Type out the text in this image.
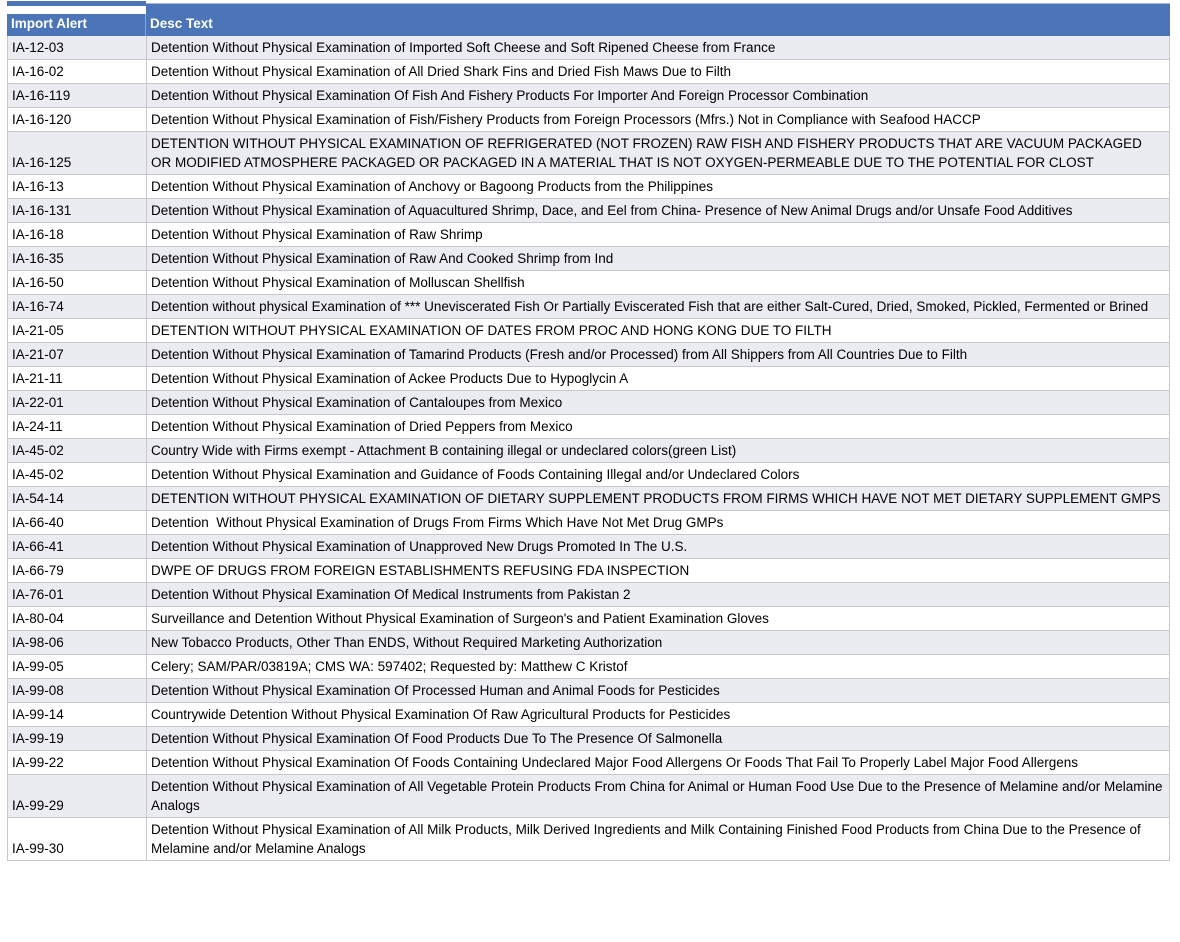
Import Alert	Desc Text
IA-12-03	Detention Without Physical Examination of Imported Soft Cheese and Soft Ripened Cheese from France
IA-16-02	Detention Without Physical Examination of All Dried Shark Fins and Dried Fish Maws Due to Filth
IA-16-119	Detention Without Physical Examination Of Fish And Fishery Products For Importer And Foreign Processor Combination
IA-16-120	Detention Without Physical Examination of Fish/Fishery Products from Foreign Processors (Mfrs.) Not in Compliance with Seafood HACCP
IA-16-125	DETENTION WITHOUT PHYSICAL EXAMINATION OF REFRIGERATED (NOT FROZEN) RAW FISH AND FISHERY PRODUCTS THAT ARE VACUUM PACKAGED OR MODIFIED ATMOSPHERE PACKAGED OR PACKAGED IN A MATERIAL THAT IS NOT OXYGEN-PERMEABLE DUE TO THE POTENTIAL FOR CLOST
IA-16-13	Detention Without Physical Examination of Anchovy or Bagoong Products from the Philippines
IA-16-131	Detention Without Physical Examination of Aquacultured Shrimp, Dace, and Eel from China- Presence of New Animal Drugs and/or Unsafe Food Additives
IA-16-18	Detention Without Physical Examination of Raw Shrimp
IA-16-35	Detention Without Physical Examination of Raw And Cooked Shrimp from Ind
IA-16-50	Detention Without Physical Examination of Molluscan Shellfish
IA-16-74	Detention without physical Examination of *** Uneviscerated Fish Or Partially Eviscerated Fish that are either Salt-Cured, Dried, Smoked, Pickled, Fermented or Brined
IA-21-05	DETENTION WITHOUT PHYSICAL EXAMINATION OF DATES FROM PROC AND HONG KONG DUE TO FILTH
IA-21-07	Detention Without Physical Examination of Tamarind Products (Fresh and/or Processed) from All Shippers from All Countries Due to Filth
IA-21-11	Detention Without Physical Examination of Ackee Products Due to Hypoglycin A
IA-22-01	Detention Without Physical Examination of Cantaloupes from Mexico
IA-24-11	Detention Without Physical Examination of Dried Peppers from Mexico
IA-45-02	Country Wide with Firms exempt - Attachment B containing illegal or undeclared colors(green List)
IA-45-02	Detention Without Physical Examination and Guidance of Foods Containing Illegal and/or Undeclared Colors
IA-54-14	DETENTION WITHOUT PHYSICAL EXAMINATION OF DIETARY SUPPLEMENT PRODUCTS FROM FIRMS WHICH HAVE NOT MET DIETARY SUPPLEMENT GMPS
IA-66-40	Detention  Without Physical Examination of Drugs From Firms Which Have Not Met Drug GMPs
IA-66-41	Detention Without Physical Examination of Unapproved New Drugs Promoted In The U.S.
IA-66-79	DWPE OF DRUGS FROM FOREIGN ESTABLISHMENTS REFUSING FDA INSPECTION
IA-76-01	Detention Without Physical Examination Of Medical Instruments from Pakistan 2
IA-80-04	Surveillance and Detention Without Physical Examination of Surgeon's and Patient Examination Gloves
IA-98-06	New Tobacco Products, Other Than ENDS, Without Required Marketing Authorization
IA-99-05	Celery; SAM/PAR/03819A; CMS WA: 597402; Requested by: Matthew C Kristof
IA-99-08	Detention Without Physical Examination Of Processed Human and Animal Foods for Pesticides
IA-99-14	Countrywide Detention Without Physical Examination Of Raw Agricultural Products for Pesticides
IA-99-19	Detention Without Physical Examination Of Food Products Due To The Presence Of Salmonella
IA-99-22	Detention Without Physical Examination Of Foods Containing Undeclared Major Food Allergens Or Foods That Fail To Properly Label Major Food Allergens
IA-99-29	Detention Without Physical Examination of All Vegetable Protein Products From China for Animal or Human Food Use Due to the Presence of Melamine and/or Melamine Analogs
IA-99-30	Detention Without Physical Examination of All Milk Products, Milk Derived Ingredients and Milk Containing Finished Food Products from China Due to the Presence of Melamine and/or Melamine Analogs
